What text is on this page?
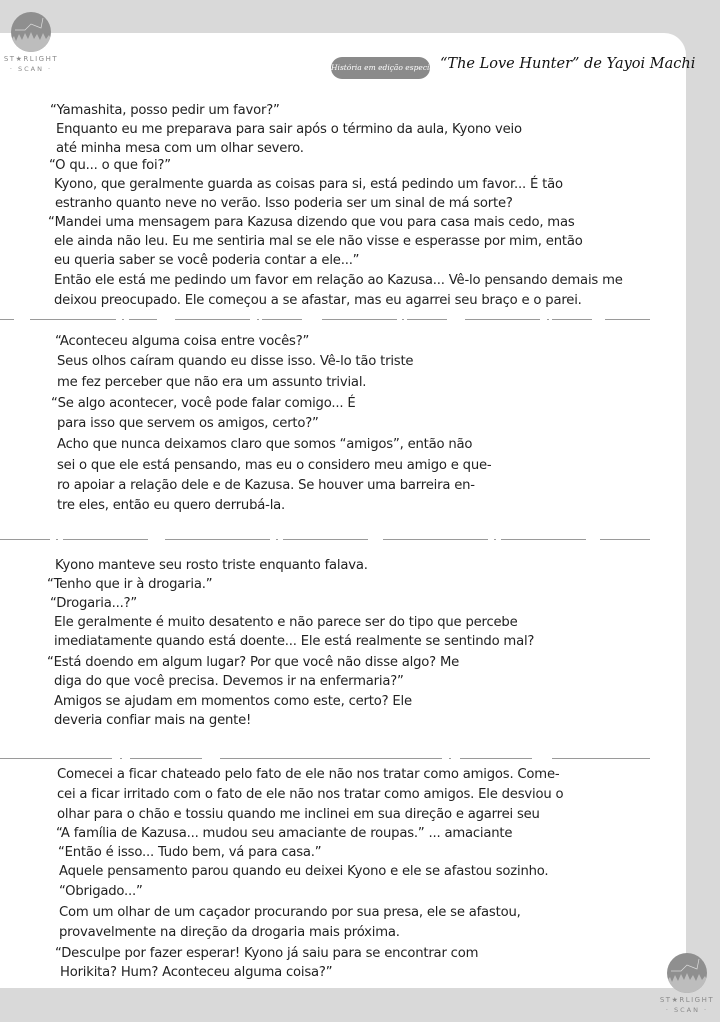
ST★RLIGHT
· SCAN ·	História em edição especial “The Love Hunter” de Yayoi Machi
“Yamashita, posso pedir um favor?”
Enquanto eu me preparava para sair após o término da aula, Kyono veio
até minha mesa com um olhar severo.
“O qu... o que foi?”
Kyono, que geralmente guarda as coisas para si, está pedindo um favor... É tão
estranho quanto neve no verão. Isso poderia ser um sinal de má sorte?
“Mandei uma mensagem para Kazusa dizendo que vou para casa mais cedo, mas
ele ainda não leu. Eu me sentiria mal se ele não visse e esperasse por mim, então
eu queria saber se você poderia contar a ele...”
Então ele está me pedindo um favor em relação ao Kazusa... Vê-lo pensando demais me
deixou preocupado. Ele começou a se afastar, mas eu agarrei seu braço e o parei.
“Aconteceu alguma coisa entre vocês?”
Seus olhos caíram quando eu disse isso. Vê-lo tão triste
me fez perceber que não era um assunto trivial.
“Se algo acontecer, você pode falar comigo... É
para isso que servem os amigos, certo?”
Acho que nunca deixamos claro que somos “amigos”, então não
sei o que ele está pensando, mas eu o considero meu amigo e que-
ro apoiar a relação dele e de Kazusa. Se houver uma barreira en-
tre eles, então eu quero derrubá-la.
Kyono manteve seu rosto triste enquanto falava.
“Tenho que ir à drogaria.”
“Drogaria...?”
Ele geralmente é muito desatento e não parece ser do tipo que percebe
imediatamente quando está doente... Ele está realmente se sentindo mal?
“Está doendo em algum lugar? Por que você não disse algo? Me
diga do que você precisa. Devemos ir na enfermaria?”
Amigos se ajudam em momentos como este, certo? Ele
deveria confiar mais na gente!
Comecei a ficar chateado pelo fato de ele não nos tratar como amigos. Come-
cei a ficar irritado com o fato de ele não nos tratar como amigos. Ele desviou o
olhar para o chão e tossiu quando me inclinei em sua direção e agarrei seu
“A família de Kazusa... mudou seu amaciante de roupas.” ... amaciante
“Então é isso... Tudo bem, vá para casa.”
Aquele pensamento parou quando eu deixei Kyono e ele se afastou sozinho.
“Obrigado...”
Com um olhar de um caçador procurando por sua presa, ele se afastou,
provavelmente na direção da drogaria mais próxima.
“Desculpe por fazer esperar! Kyono já saiu para se encontrar com
Horikita? Hum? Aconteceu alguma coisa?”
ST★RLIGHT
· SCAN ·
